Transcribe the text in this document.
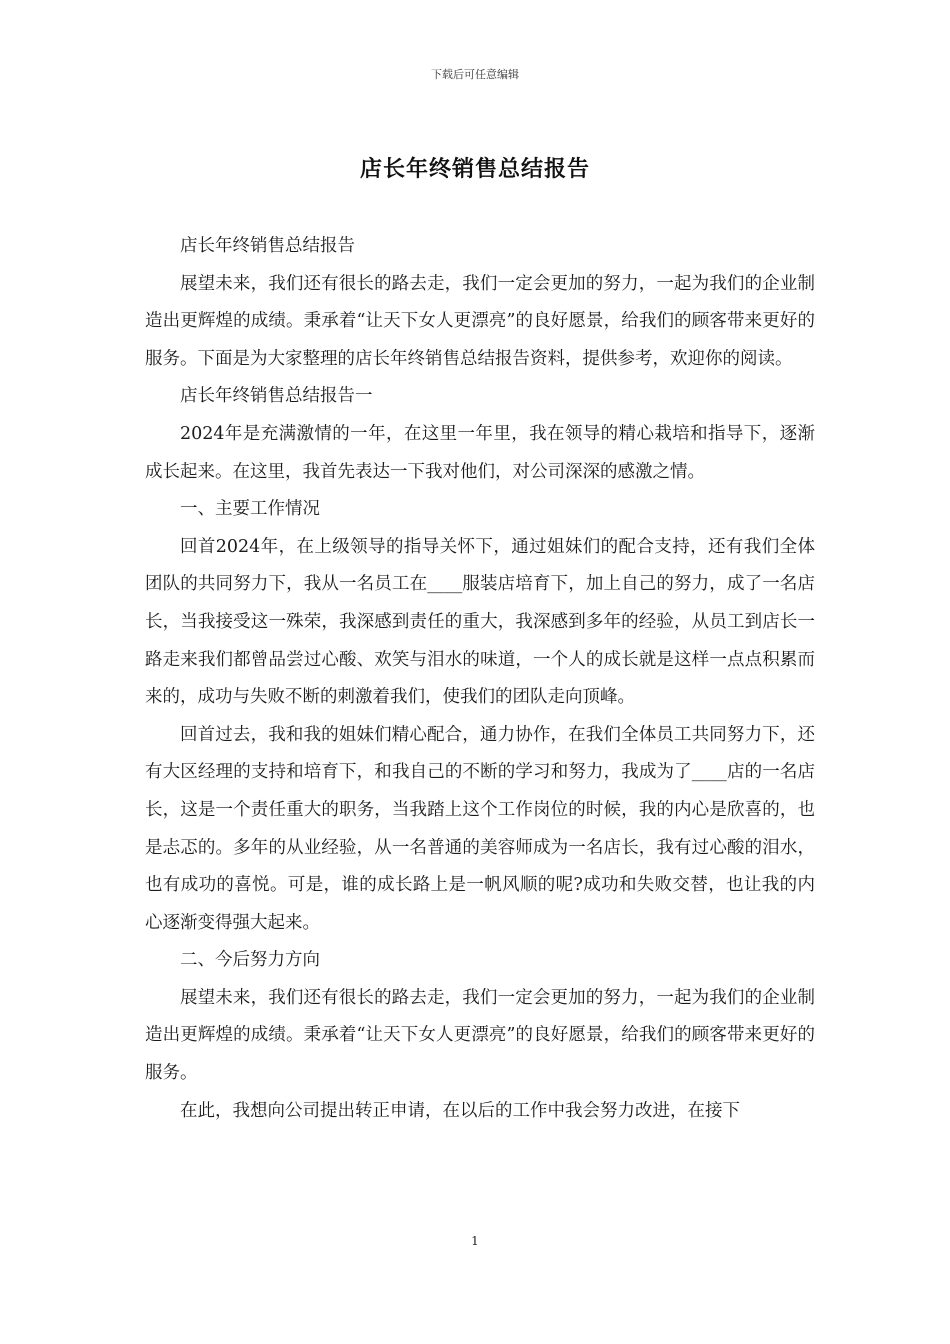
下载后可任意编辑
店长年终销售总结报告

店长年终销售总结报告

展望未来，我们还有很长的路去走，我们一定会更加的努力，一起为我们的企业制造出更辉煌的成绩。秉承着“让天下女人更漂亮”的良好愿景，给我们的顾客带来更好的服务。下面是为大家整理的店长年终销售总结报告资料，提供参考，欢迎你的阅读。

店长年终销售总结报告一

2024年是充满激情的一年，在这里一年里，我在领导的精心栽培和指导下，逐渐成长起来。在这里，我首先表达一下我对他们，对公司深深的感激之情。

一、主要工作情况

回首2024年，在上级领导的指导关怀下，通过姐妹们的配合支持，还有我们全体团队的共同努力下，我从一名员工在____服装店培育下，加上自己的努力，成了一名店长，当我接受这一殊荣，我深感到责任的重大，我深感到多年的经验，从员工到店长一路走来我们都曾品尝过心酸、欢笑与泪水的味道，一个人的成长就是这样一点点积累而来的，成功与失败不断的刺激着我们，使我们的团队走向顶峰。

回首过去，我和我的姐妹们精心配合，通力协作，在我们全体员工共同努力下，还有大区经理的支持和培育下，和我自己的不断的学习和努力，我成为了____店的一名店长，这是一个责任重大的职务，当我踏上这个工作岗位的时候，我的内心是欣喜的，也是忐忑的。多年的从业经验，从一名普通的美容师成为一名店长，我有过心酸的泪水，也有成功的喜悦。可是，谁的成长路上是一帆风顺的呢?成功和失败交替，也让我的内心逐渐变得强大起来。

二、今后努力方向

展望未来，我们还有很长的路去走，我们一定会更加的努力，一起为我们的企业制造出更辉煌的成绩。秉承着“让天下女人更漂亮”的良好愿景，给我们的顾客带来更好的服务。

在此，我想向公司提出转正申请，在以后的工作中我会努力改进，在接下

1
